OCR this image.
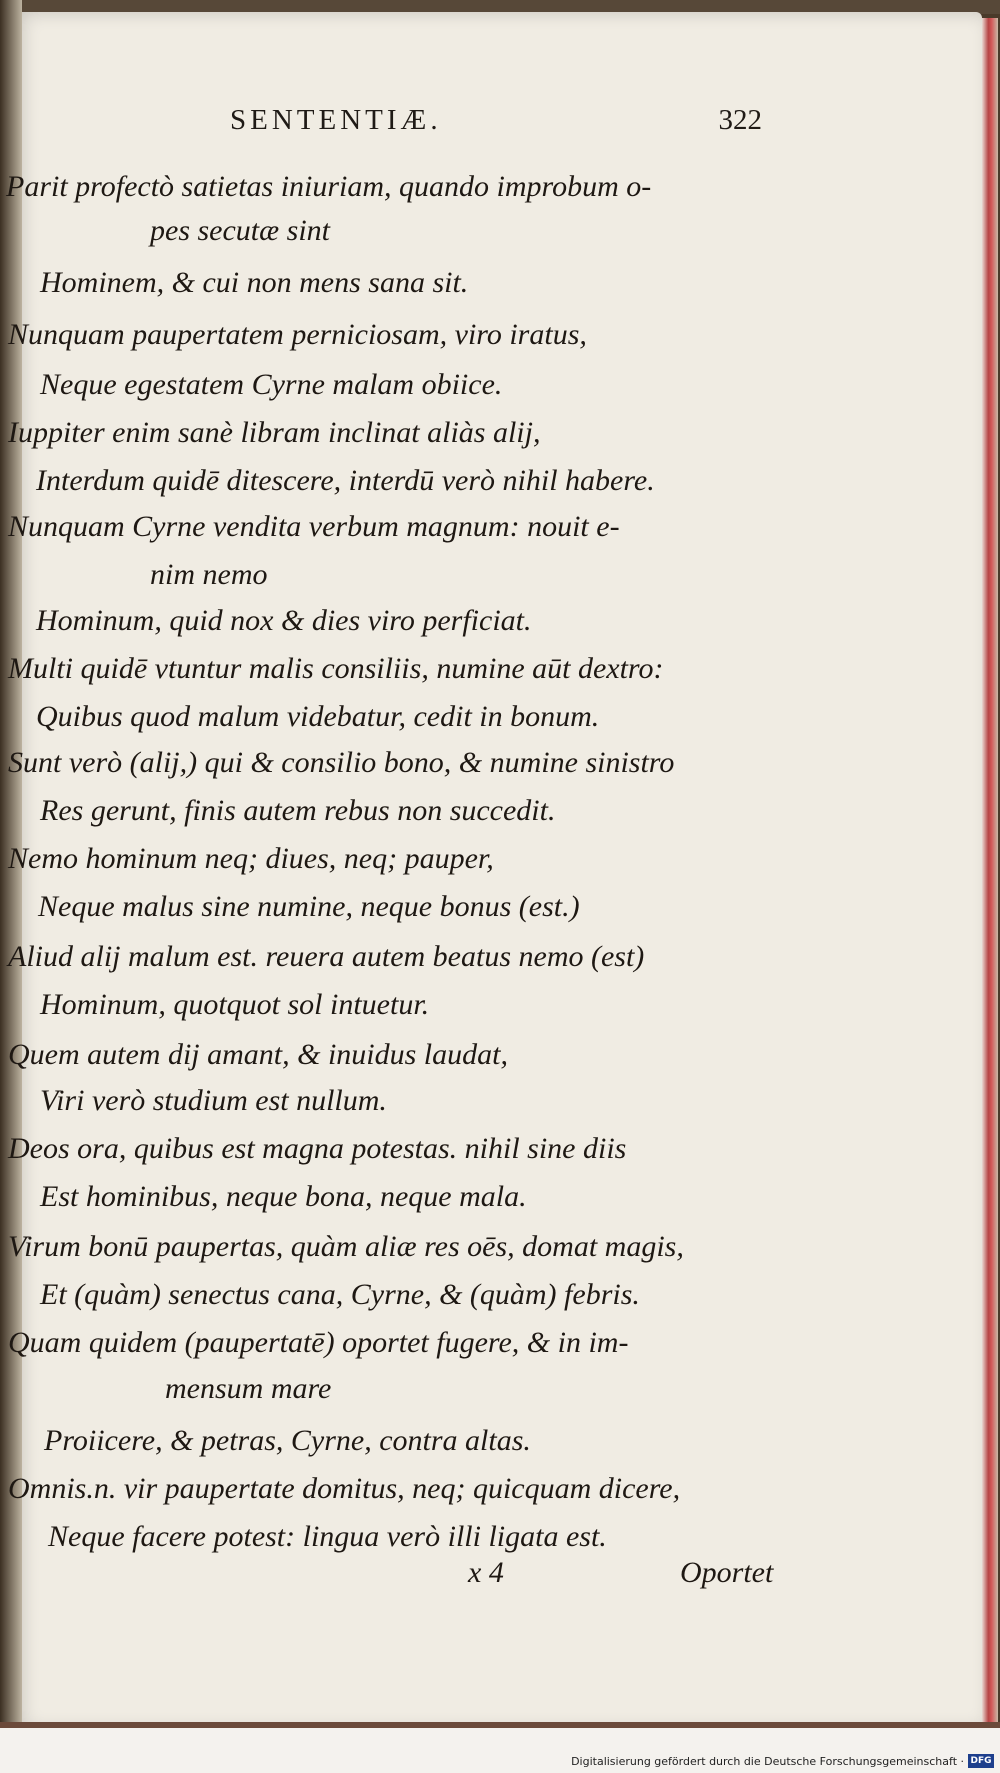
SENTENTIÆ.	322
Parit profectò satietas iniuriam, quando improbum o-
pes secutæ sint
Hominem, & cui non mens sana sit.
Nunquam paupertatem perniciosam, viro iratus,
Neque egestatem Cyrne malam obiice.
Iuppiter enim sanè libram inclinat aliàs alij,
Interdum quidē ditescere, interdū verò nihil habere.
Nunquam Cyrne vendita verbum magnum: nouit e-
nim nemo
Hominum, quid nox & dies viro perficiat.
Multi quidē vtuntur malis consiliis, numine aūt dextro:
Quibus quod malum videbatur, cedit in bonum.
Sunt verò (alij,) qui & consilio bono, & numine sinistro
Res gerunt, finis autem rebus non succedit.
Nemo hominum neq; diues, neq; pauper,
Neque malus sine numine, neque bonus (est.)
Aliud alij malum est. reuera autem beatus nemo (est)
Hominum, quotquot sol intuetur.
Quem autem dij amant, & inuidus laudat,
Viri verò studium est nullum.
Deos ora, quibus est magna potestas. nihil sine diis
Est hominibus, neque bona, neque mala.
Virum bonū paupertas, quàm aliæ res oēs, domat magis,
Et (quàm) senectus cana, Cyrne, & (quàm) febris.
Quam quidem (paupertatē) oportet fugere, & in im-
mensum mare
Proiicere, & petras, Cyrne, contra altas.
Omnis.n. vir paupertate domitus, neq; quicquam dicere,
Neque facere potest: lingua verò illi ligata est.
x 4	Oportet
Digitalisierung gefördert durch die Deutsche Forschungsgemeinschaft · DFG
